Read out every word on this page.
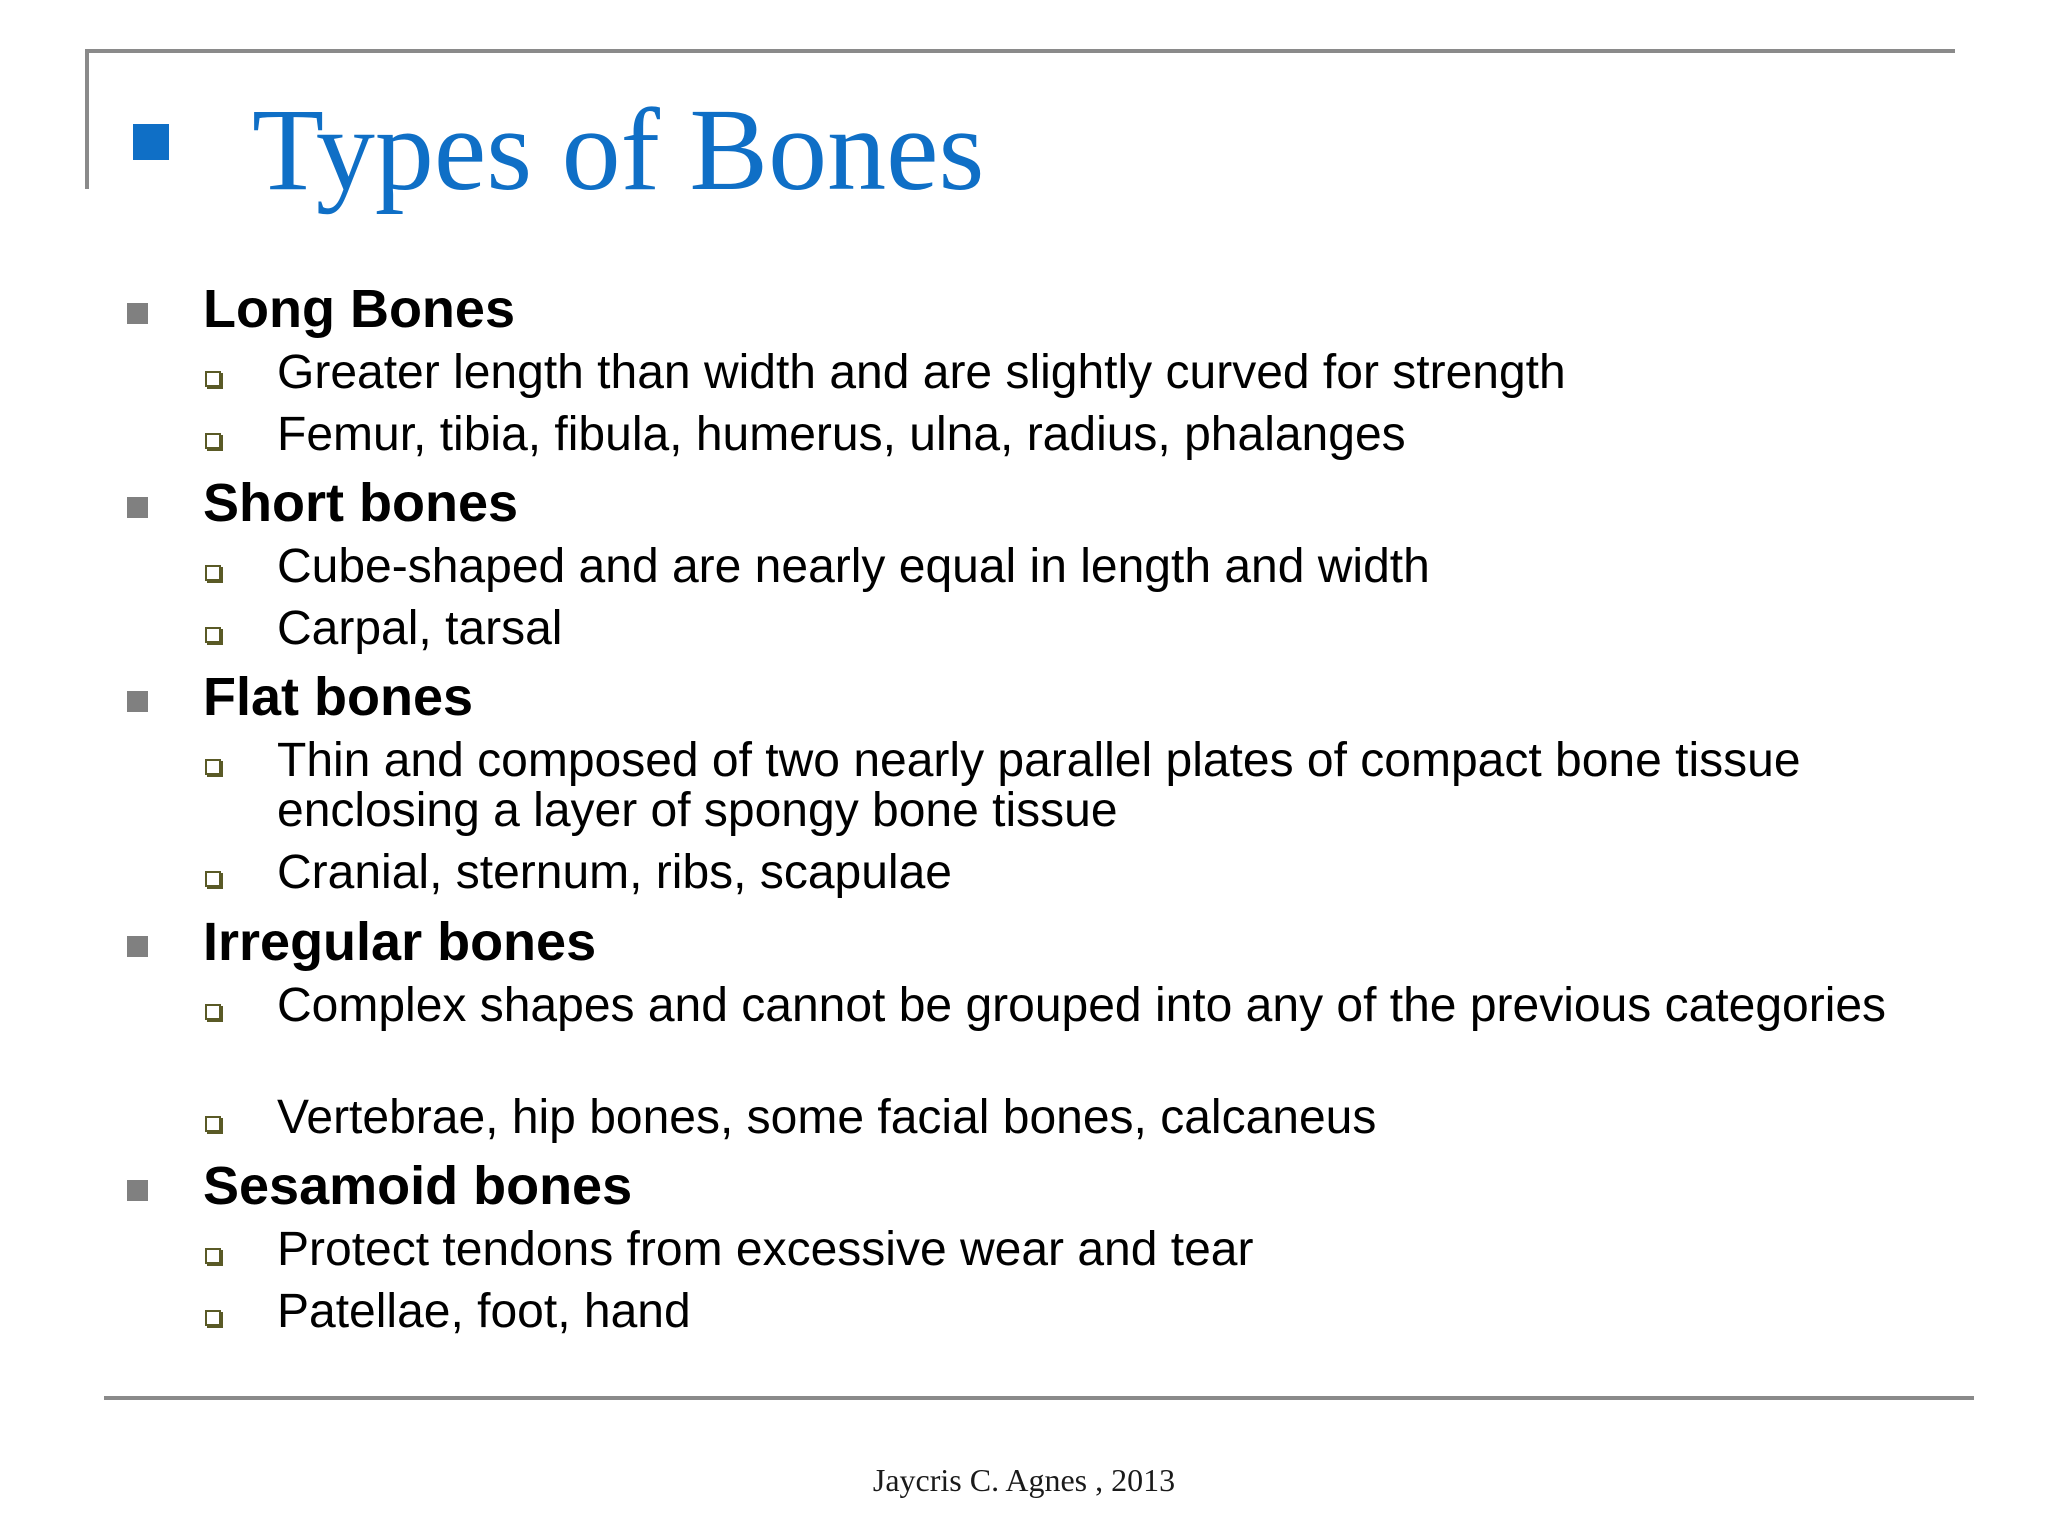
Types of Bones
Long Bones
Greater length than width and are slightly curved for strength
Femur, tibia, fibula, humerus, ulna, radius, phalanges
Short bones
Cube-shaped and are nearly equal in length and width
Carpal, tarsal
Flat bones
Thin and composed of two nearly parallel plates of compact bone tissue enclosing a layer of spongy bone tissue
Cranial, sternum, ribs, scapulae
Irregular bones
Complex shapes and cannot be grouped into any of the previous categories
Vertebrae, hip bones, some facial bones, calcaneus
Sesamoid bones
Protect tendons from excessive wear and tear
Patellae, foot, hand
Jaycris C. Agnes , 2013
